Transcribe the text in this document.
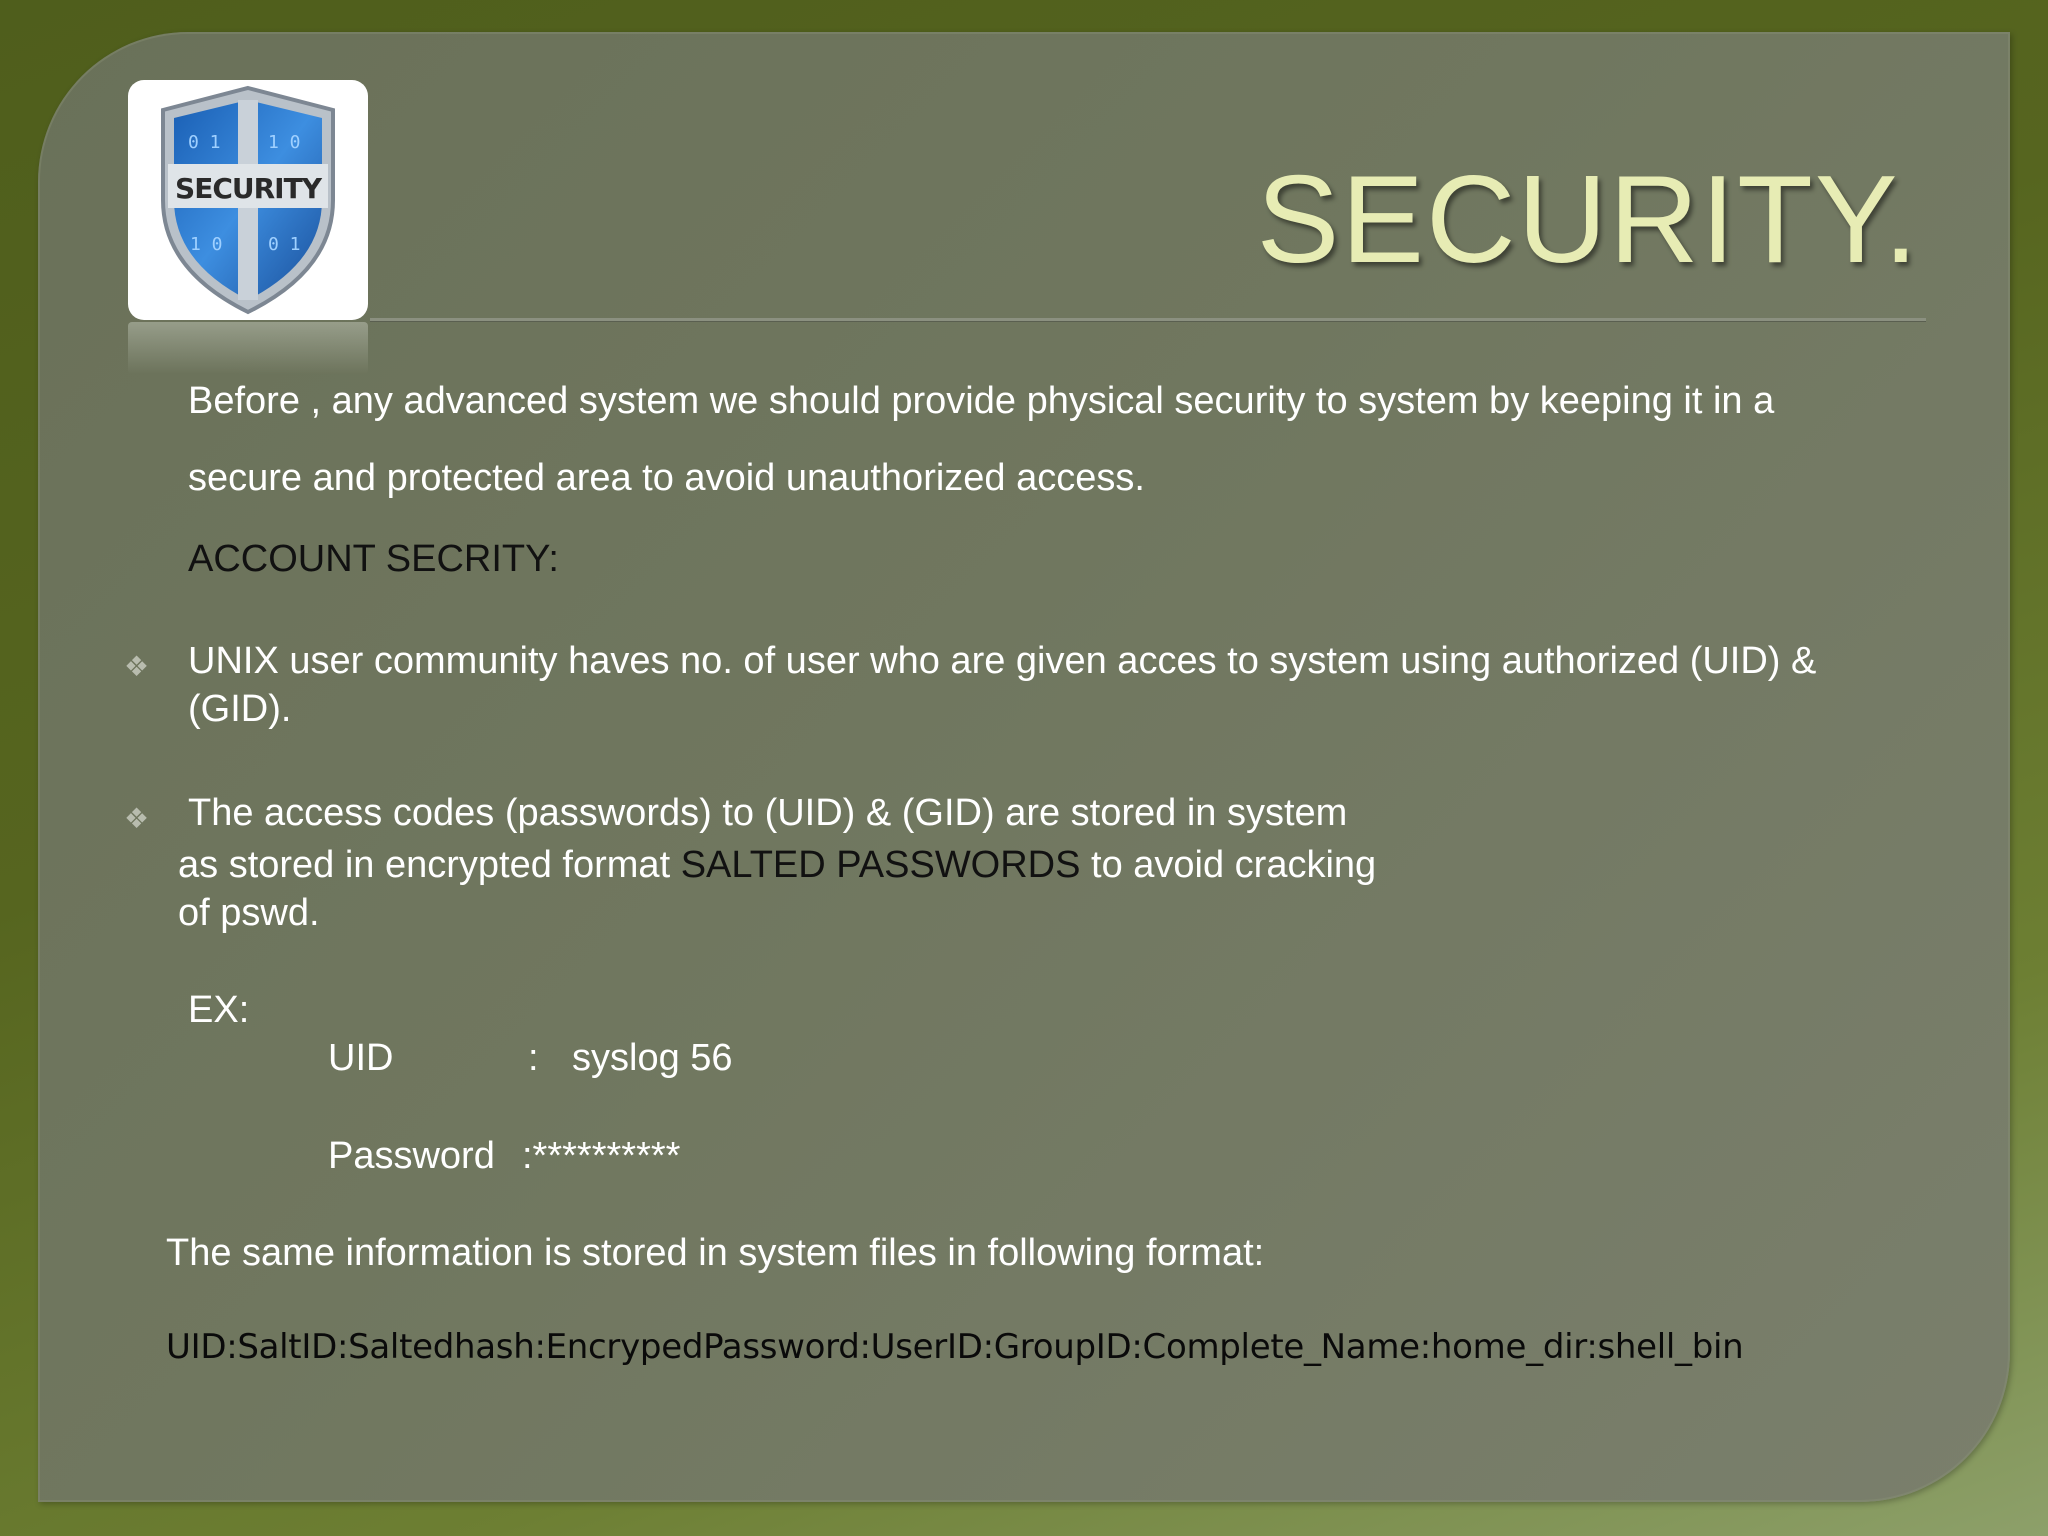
0 1	1 0
1 0	0 1
SECURITY	SECURITY.
Before , any advanced system we should provide physical security to system by keeping it in a
secure and protected area to avoid unauthorized access.
ACCOUNT SECRITY:
❖ UNIX user community haves no. of user who are given acces to system using authorized (UID) &
(GID).
❖ The access codes (passwords) to (UID) & (GID) are stored in system
as stored in encrypted format SALTED PASSWORDS to avoid cracking
of pswd.
EX:
UID	: syslog 56
Password :**********
The same information is stored in system files in following format:
UID:SaltID:Saltedhash:EncrypedPassword:UserID:GroupID:Complete_Name:home_dir:shell_bin
